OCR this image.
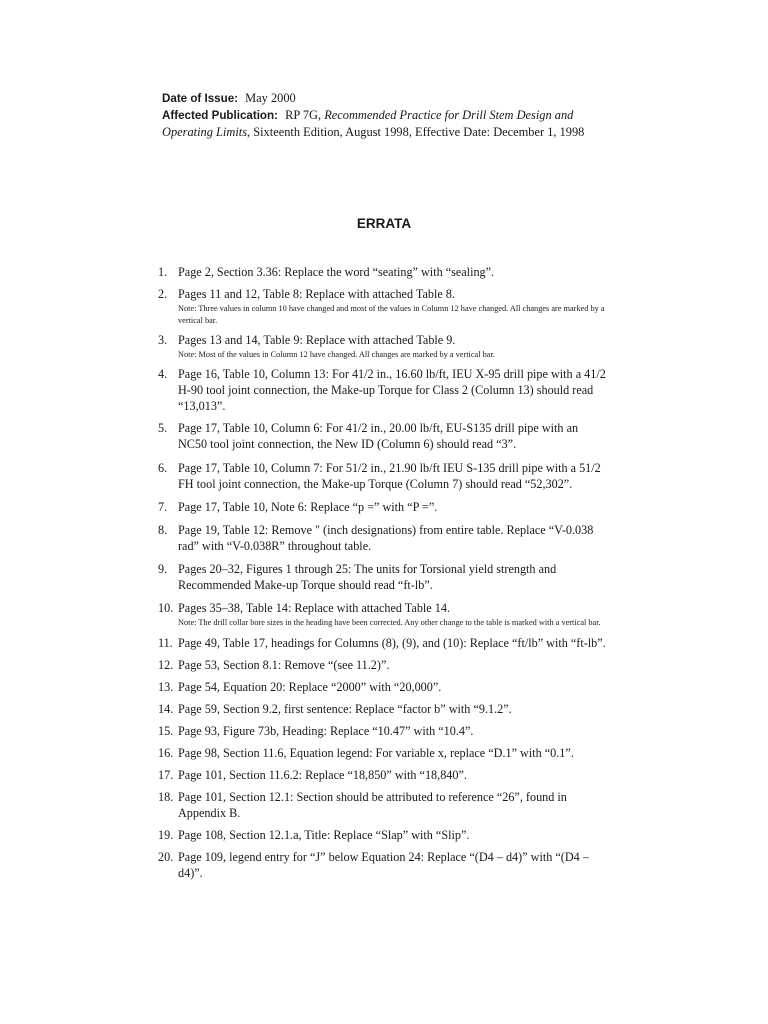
Date of Issue: May 2000
Affected Publication: RP 7G, Recommended Practice for Drill Stem Design and Operating Limits, Sixteenth Edition, August 1998, Effective Date: December 1, 1998
ERRATA
1. Page 2, Section 3.36: Replace the word “seating” with “sealing”.
2. Pages 11 and 12, Table 8: Replace with attached Table 8.
Note: Three values in column 10 have changed and most of the values in Column 12 have changed. All changes are marked by a vertical bar.
3. Pages 13 and 14, Table 9: Replace with attached Table 9.
Note: Most of the values in Column 12 have changed. All changes are marked by a vertical bar.
4. Page 16, Table 10, Column 13: For 41/2 in., 16.60 lb/ft, IEU X-95 drill pipe with a 41/2 H-90 tool joint connection, the Make-up Torque for Class 2 (Column 13) should read “13,013”.
5. Page 17, Table 10, Column 6: For 41/2 in., 20.00 lb/ft, EU-S135 drill pipe with an NC50 tool joint connection, the New ID (Column 6) should read “3”.
6. Page 17, Table 10, Column 7: For 51/2 in., 21.90 lb/ft IEU S-135 drill pipe with a 51/2 FH tool joint connection, the Make-up Torque (Column 7) should read “52,302”.
7. Page 17, Table 10, Note 6: Replace “p =” with “P =”.
8. Page 19, Table 12: Remove " (inch designations) from entire table. Replace “V-0.038 rad” with “V-0.038R” throughout table.
9. Pages 20–32, Figures 1 through 25: The units for Torsional yield strength and Recommended Make-up Torque should read “ft-lb”.
10. Pages 35–38, Table 14: Replace with attached Table 14.
Note: The drill collar bore sizes in the heading have been corrected. Any other change to the table is marked with a vertical bar.
11. Page 49, Table 17, headings for Columns (8), (9), and (10): Replace “ft/lb” with “ft-lb”.
12. Page 53, Section 8.1: Remove “(see 11.2)”.
13. Page 54, Equation 20: Replace “2000” with “20,000”.
14. Page 59, Section 9.2, first sentence: Replace “factor b” with “9.1.2”.
15. Page 93, Figure 73b, Heading: Replace “10.47” with “10.4”.
16. Page 98, Section 11.6, Equation legend: For variable x, replace “D.1” with “0.1”.
17. Page 101, Section 11.6.2: Replace “18,850” with “18,840”.
18. Page 101, Section 12.1: Section should be attributed to reference “26”, found in Appendix B.
19. Page 108, Section 12.1.a, Title: Replace “Slap” with “Slip”.
20. Page 109, legend entry for “J” below Equation 24: Replace “(D4 – d4)” with “(D4 – d4)”.
